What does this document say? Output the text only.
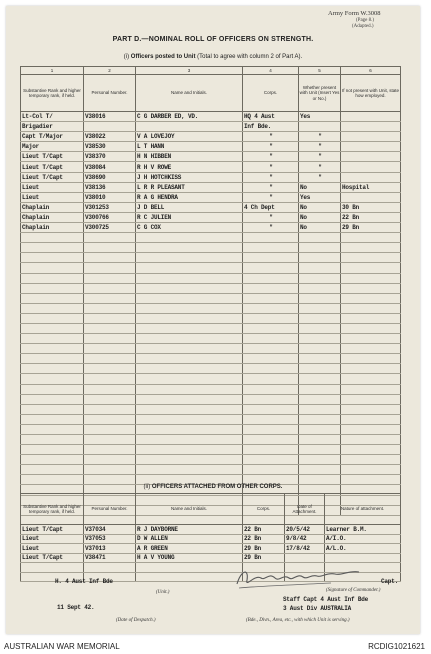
Army Form W.3008
(Page 8.)
(Adapted.)
PART D.—NOMINAL ROLL OF OFFICERS ON STRENGTH.
(i) Officers posted to Unit (Total to agree with column 2 of Part A).
1	2	3	4	5	6
Substantive Rank and higher temporary rank, if held.	Personal Number.	Name and Initials.	Corps.	Whether present with Unit (Insert Yes or No.)	If not present with Unit, state how employed.
Lt-Col T/	V38016	C G DARBER ED, VD.	HQ 4 Aust	Yes	
Brigadier			Inf Bde.		
Capt T/Major	V38022	V A LOVEJOY	"	"	
Major	V38530	L T HANN	"	"	
Lieut T/Capt	V38370	H N HIBBEN	"	"	
Lieut T/Capt	V38084	R H V ROWE	"	"	
Lieut T/Capt	V38690	J H HOTCHKISS	"	"	
Lieut	V38136	L R R PLEASANT	"	No	Hospital
Lieut	V38010	R A G HENDRA	"	Yes	
Chaplain	V301253	J D BELL	4 Ch Dept	No	30 Bn
Chaplain	V300766	R C JULIEN	"	No	22 Bn
Chaplain	V300725	C G COX	"	No	29 Bn

(ii) OFFICERS ATTACHED FROM OTHER CORPS.
Substantive Rank and higher temporary rank, if held.	Personal Number.	Name and Initials.	Corps.	Date of Attachment.	Nature of attachment.
Lieut T/Capt	V37034	R J DAYBORNE	22 Bn	20/5/42	Learner B.M.
Lieut	V37053	D W ALLEN	22 Bn	9/8/42	A/I.O.
Lieut	V37013	A R GREEN	29 Bn	17/8/42	A/L.O.
Lieut T/Capt	V38471	H A V YOUNG	29 Bn		

H. 4 Aust Inf Bde
(Unit.)
11 Sept 42.
(Date of Despatch.)
Capt.
(Signature of Commander.)
Staff Capt 4 Aust Inf Bde
3 Aust Div AUSTRALIA
(Bde., Divn., Area, etc., with which Unit is serving.)
AUSTRALIAN WAR MEMORIAL	RCDIG1021621
